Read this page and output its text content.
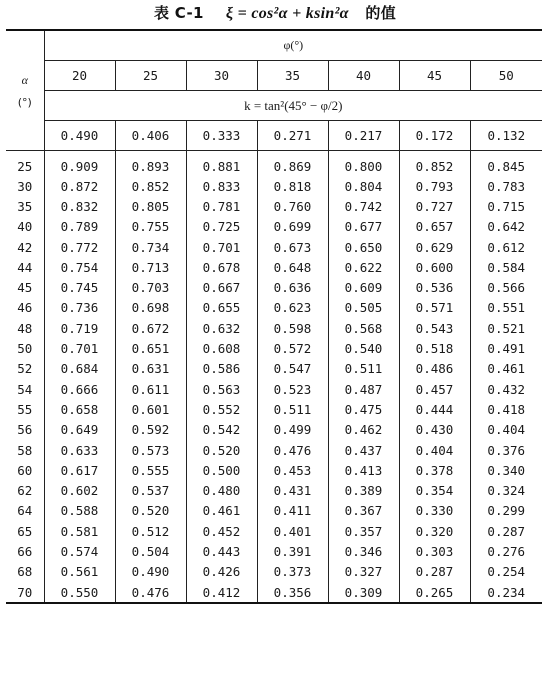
表 C-1 ξ = cos²α + ksin²α 的值
α
(°)	φ(°)						
	20	25	30	35	40	45	50
	k = tan²(45° − φ/2)						
	0.490	0.406	0.333	0.271	0.217	0.172	0.132
25	0.909	0.893	0.881	0.869	0.800	0.852	0.845
30	0.872	0.852	0.833	0.818	0.804	0.793	0.783
35	0.832	0.805	0.781	0.760	0.742	0.727	0.715
40	0.789	0.755	0.725	0.699	0.677	0.657	0.642
42	0.772	0.734	0.701	0.673	0.650	0.629	0.612
44	0.754	0.713	0.678	0.648	0.622	0.600	0.584
45	0.745	0.703	0.667	0.636	0.609	0.536	0.566
46	0.736	0.698	0.655	0.623	0.505	0.571	0.551
48	0.719	0.672	0.632	0.598	0.568	0.543	0.521
50	0.701	0.651	0.608	0.572	0.540	0.518	0.491
52	0.684	0.631	0.586	0.547	0.511	0.486	0.461
54	0.666	0.611	0.563	0.523	0.487	0.457	0.432
55	0.658	0.601	0.552	0.511	0.475	0.444	0.418
56	0.649	0.592	0.542	0.499	0.462	0.430	0.404
58	0.633	0.573	0.520	0.476	0.437	0.404	0.376
60	0.617	0.555	0.500	0.453	0.413	0.378	0.340
62	0.602	0.537	0.480	0.431	0.389	0.354	0.324
64	0.588	0.520	0.461	0.411	0.367	0.330	0.299
65	0.581	0.512	0.452	0.401	0.357	0.320	0.287
66	0.574	0.504	0.443	0.391	0.346	0.303	0.276
68	0.561	0.490	0.426	0.373	0.327	0.287	0.254
70	0.550	0.476	0.412	0.356	0.309	0.265	0.234
